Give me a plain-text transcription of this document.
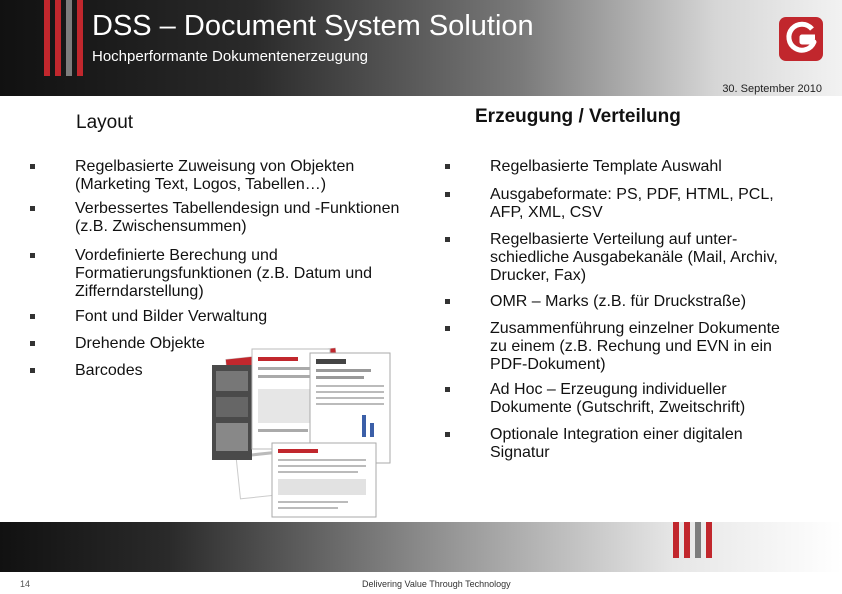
DSS – Document System Solution
Hochperformante Dokumentenerzeugung
30. September 2010
Layout	Erzeugung / Verteilung
Regelbasierte Zuweisung von Objekten (Marketing Text, Logos, Tabellen…)
Verbessertes Tabellendesign und -Funktionen (z.B. Zwischensummen)
Vordefinierte Berechung und Formatierungsfunktionen (z.B. Datum und Zifferndarstellung)
Font und Bilder Verwaltung
Drehende Objekte
Barcodes
Regelbasierte Template Auswahl
Ausgabeformate: PS, PDF, HTML, PCL, AFP, XML, CSV
Regelbasierte Verteilung auf unter-schiedliche Ausgabekanäle (Mail, Archiv, Drucker, Fax)
OMR – Marks (z.B. für Druckstraße)
Zusammenführung einzelner Dokumente zu einem (z.B. Rechung und EVN in ein PDF-Dokument)
Ad Hoc – Erzeugung individueller Dokumente (Gutschrift, Zweitschrift)
Optionale Integration einer digitalen Signatur
14	Delivering Value Through Technology
